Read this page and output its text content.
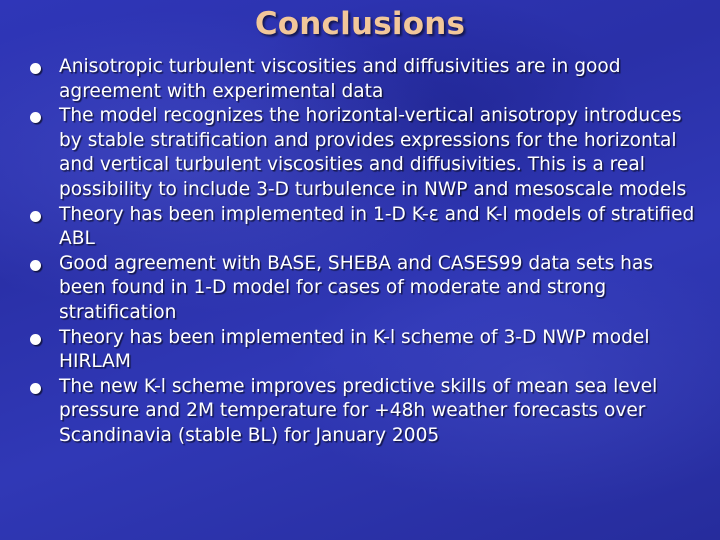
Conclusions
Anisotropic turbulent viscosities and diffusivities are in good agreement with experimental data
The model recognizes the horizontal-vertical anisotropy introduces by stable stratification and provides expressions for the horizontal and vertical turbulent viscosities and diffusivities. This is a real possibility to include 3-D turbulence in NWP and mesoscale models
Theory has been implemented in 1-D K-ε and K-l models of stratified ABL
Good agreement with BASE, SHEBA and CASES99 data sets has been found in 1-D model for cases of moderate and strong stratification
Theory has been implemented in K-l scheme of 3-D NWP model HIRLAM
The new K-l scheme improves predictive skills of mean sea level pressure and 2M temperature for +48h weather forecasts over Scandinavia (stable BL) for January 2005
